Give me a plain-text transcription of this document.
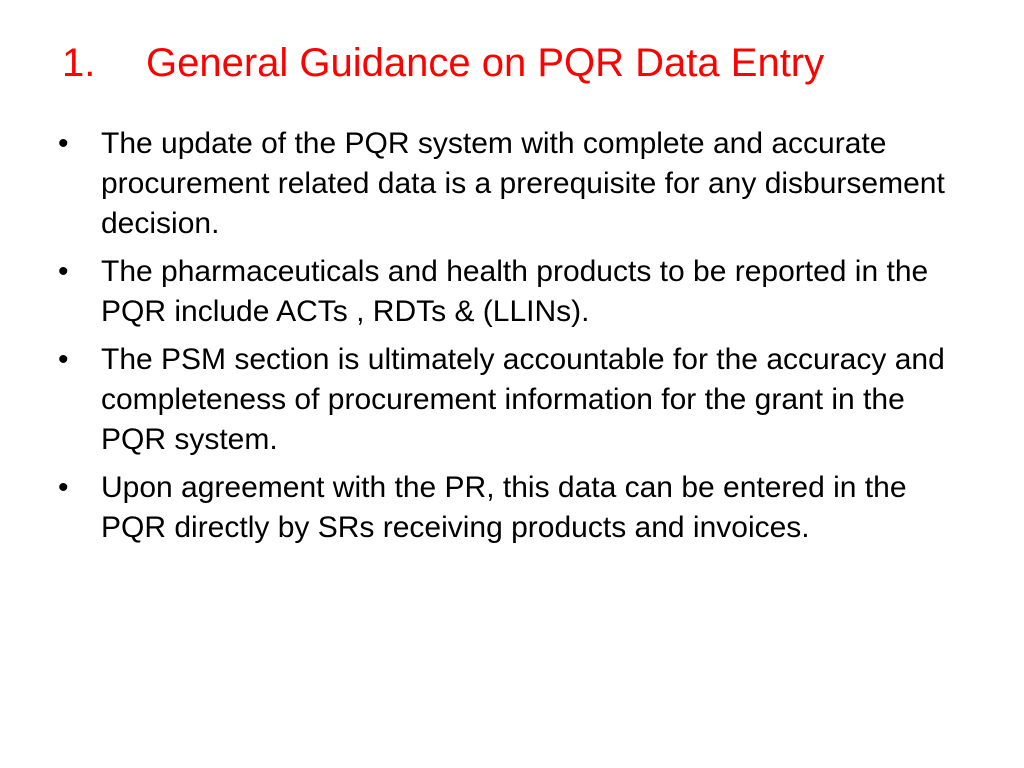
1. General Guidance on PQR Data Entry
•	The update of the PQR system with complete and accurate procurement related data is a prerequisite for any disbursement decision.
•	The pharmaceuticals and health products to be reported in the PQR include ACTs , RDTs & (LLINs).
•	The PSM section is ultimately accountable for the accuracy and completeness of procurement information for the grant in the PQR system.
•	Upon agreement with the PR, this data can be entered in the PQR directly by SRs receiving products and invoices.
